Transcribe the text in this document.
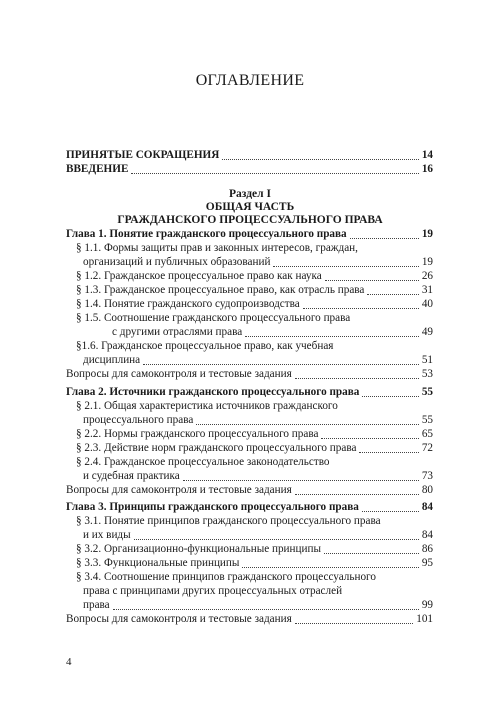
ОГЛАВЛЕНИЕ
ПРИНЯТЫЕ СОКРАЩЕНИЯ	14
ВВЕДЕНИЕ	16
Раздел I
ОБЩАЯ ЧАСТЬ
ГРАЖДАНСКОГО ПРОЦЕССУАЛЬНОГО ПРАВА
Глава 1. Понятие гражданского процессуального права	19
§ 1.1. Формы защиты прав и законных интересов, граждан,
организаций и публичных образований	19
§ 1.2. Гражданское процессуальное право как наука	26
§ 1.3. Гражданское процессуальное право, как отрасль права	31
§ 1.4. Понятие гражданского судопроизводства	40
§ 1.5. Соотношение гражданского процессуального права
с другими отраслями права	49
§1.6. Гражданское процессуальное право, как учебная
дисциплина	51
Вопросы для самоконтроля и тестовые задания	53
Глава 2. Источники гражданского процессуального права	55
§ 2.1. Общая характеристика источников гражданского
процессуального права	55
§ 2.2. Нормы гражданского процессуального права	65
§ 2.3. Действие норм гражданского процессуального права	72
§ 2.4. Гражданское процессуальное законодательство
и судебная практика	73
Вопросы для самоконтроля и тестовые задания	80
Глава 3. Принципы гражданского процессуального права	84
§ 3.1. Понятие принципов гражданского процессуального права
и их виды	84
§ 3.2. Организационно-функциональные принципы	86
§ 3.3. Функциональные принципы	95
§ 3.4. Соотношение принципов гражданского процессуального
права с принципами других процессуальных отраслей
права	99
Вопросы для самоконтроля и тестовые задания	101
4
